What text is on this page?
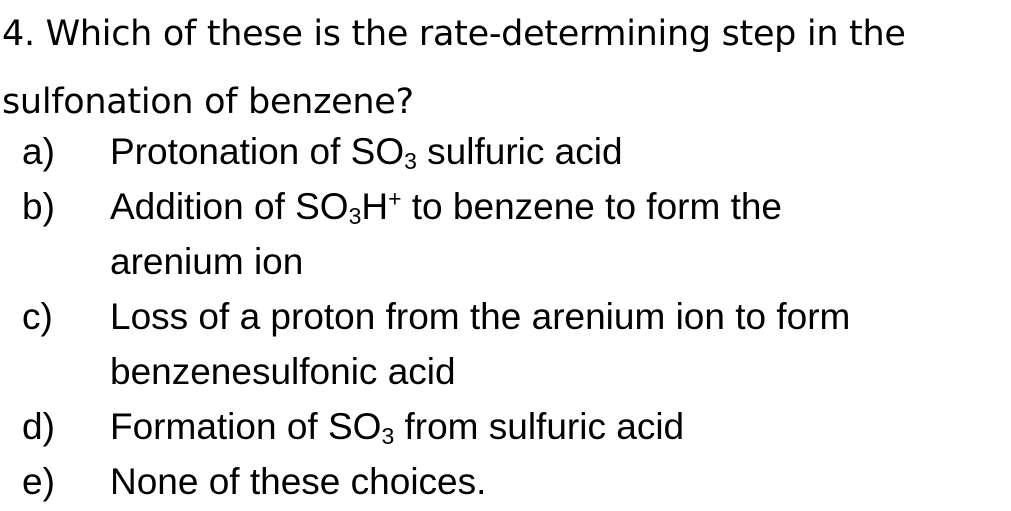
4. Which of these is the rate-determining step in the
sulfonation of benzene?
a)	Protonation of $SO_3$ sulfuric acid
b)	Addition of $SO_3H^+$ to benzene to form the
arenium ion
c)	Loss of a proton from the arenium ion to form
benzenesulfonic acid
d)	Formation of $SO_3$ from sulfuric acid
e)	None of these choices.
